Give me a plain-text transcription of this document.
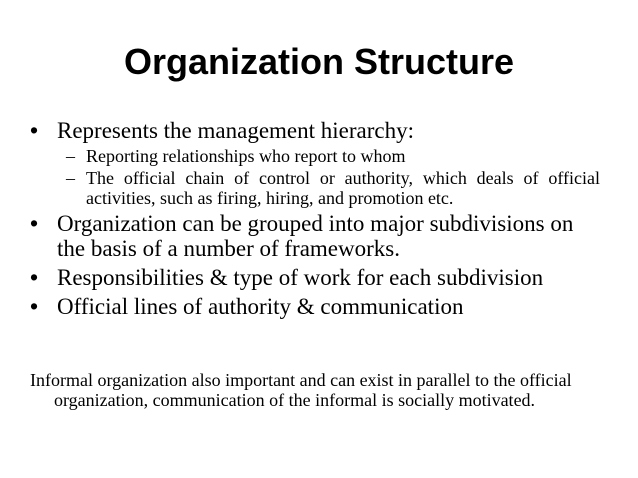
Organization Structure
• Represents the management hierarchy:
– Reporting relationships who report to whom
– The official chain of control or authority, which deals of official activities, such as firing, hiring, and promotion etc.
• Organization can be grouped into major subdivisions on the basis of a number of frameworks.
• Responsibilities & type of work for each subdivision
• Official lines of authority & communication
Informal organization also important and can exist in parallel to the official organization, communication of the informal is socially motivated.
